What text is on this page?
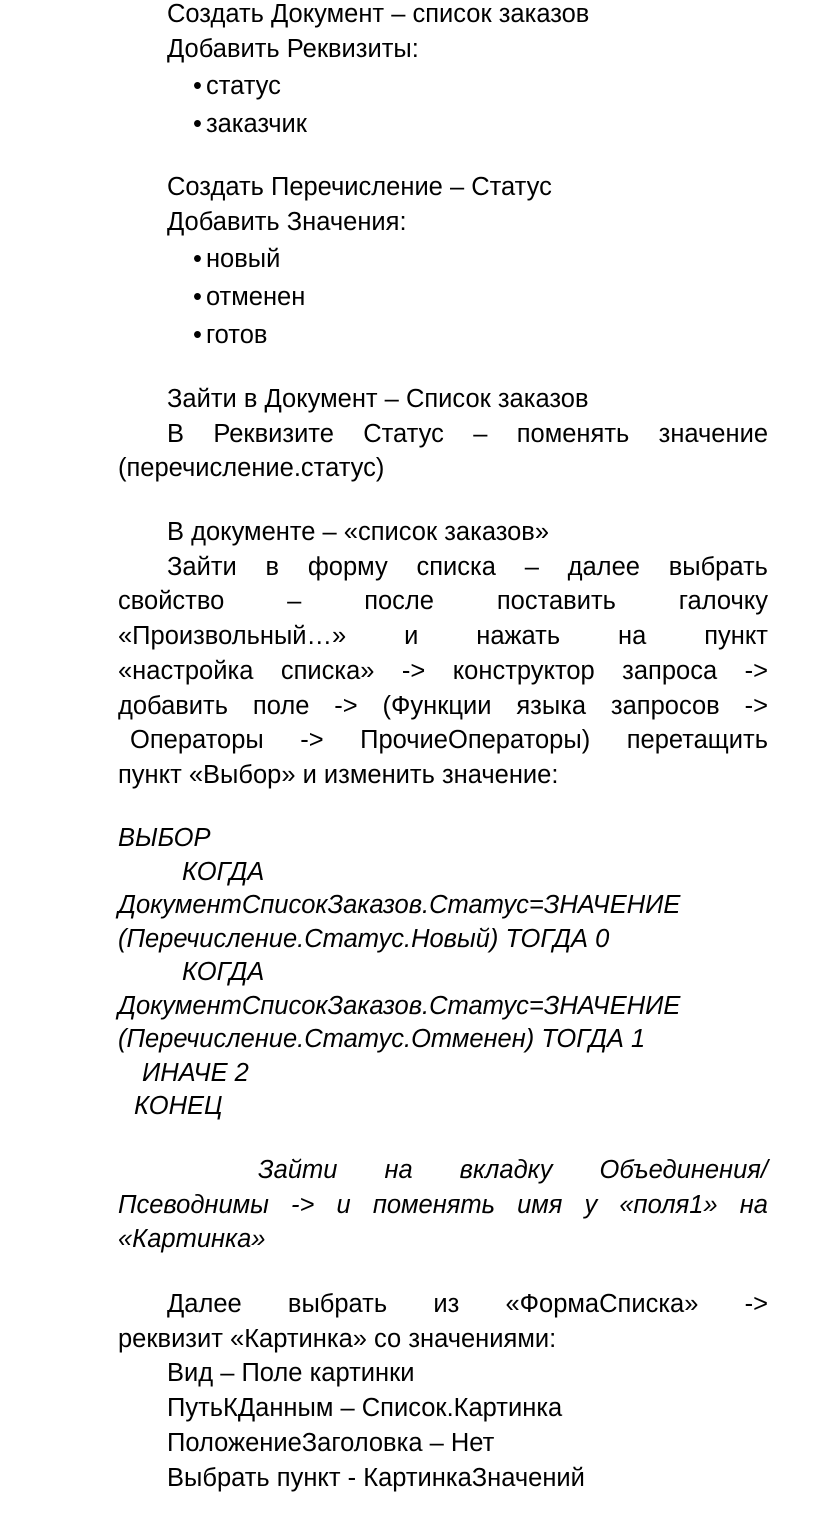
Создать Документ – список заказов

Добавить Реквизиты:

• статус

• заказчик

Создать Перечисление – Статус

Добавить Значения:

• новый

• отменен

• готов

Зайти в Документ – Список заказов

В Реквизите Статус – поменять значение

(перечисление.статус)

В документе – «список заказов»

Зайти в форму списка – далее выбрать
свойство – после поставить галочку
«Произвольный…» и нажать на пункт
«настройка списка» -> конструктор запроса ->
добавить поле -> (Функции языка запросов ->
Операторы -> ПрочиеОператоры) перетащить

пункт «Выбор» и изменить значение:

ВЫБОР
КОГДА
ДокументСписокЗаказов.Статус=ЗНАЧЕНИЕ
(Перечисление.Статус.Новый) ТОГДА 0
КОГДА
ДокументСписокЗаказов.Статус=ЗНАЧЕНИЕ
(Перечисление.Статус.Отменен) ТОГДА 1
ИНАЧЕ 2
КОНЕЦ
Зайти на вкладку Объединения/
Псеводнимы -> и поменять имя у «поля1» на

«Картинка»

Далее выбрать из «ФормаСписка» ->

реквизит «Картинка» со значениями:

Вид – Поле картинки

ПутьКДанным – Список.Картинка

ПоложениеЗаголовка – Нет

Выбрать пункт - КартинкаЗначений
